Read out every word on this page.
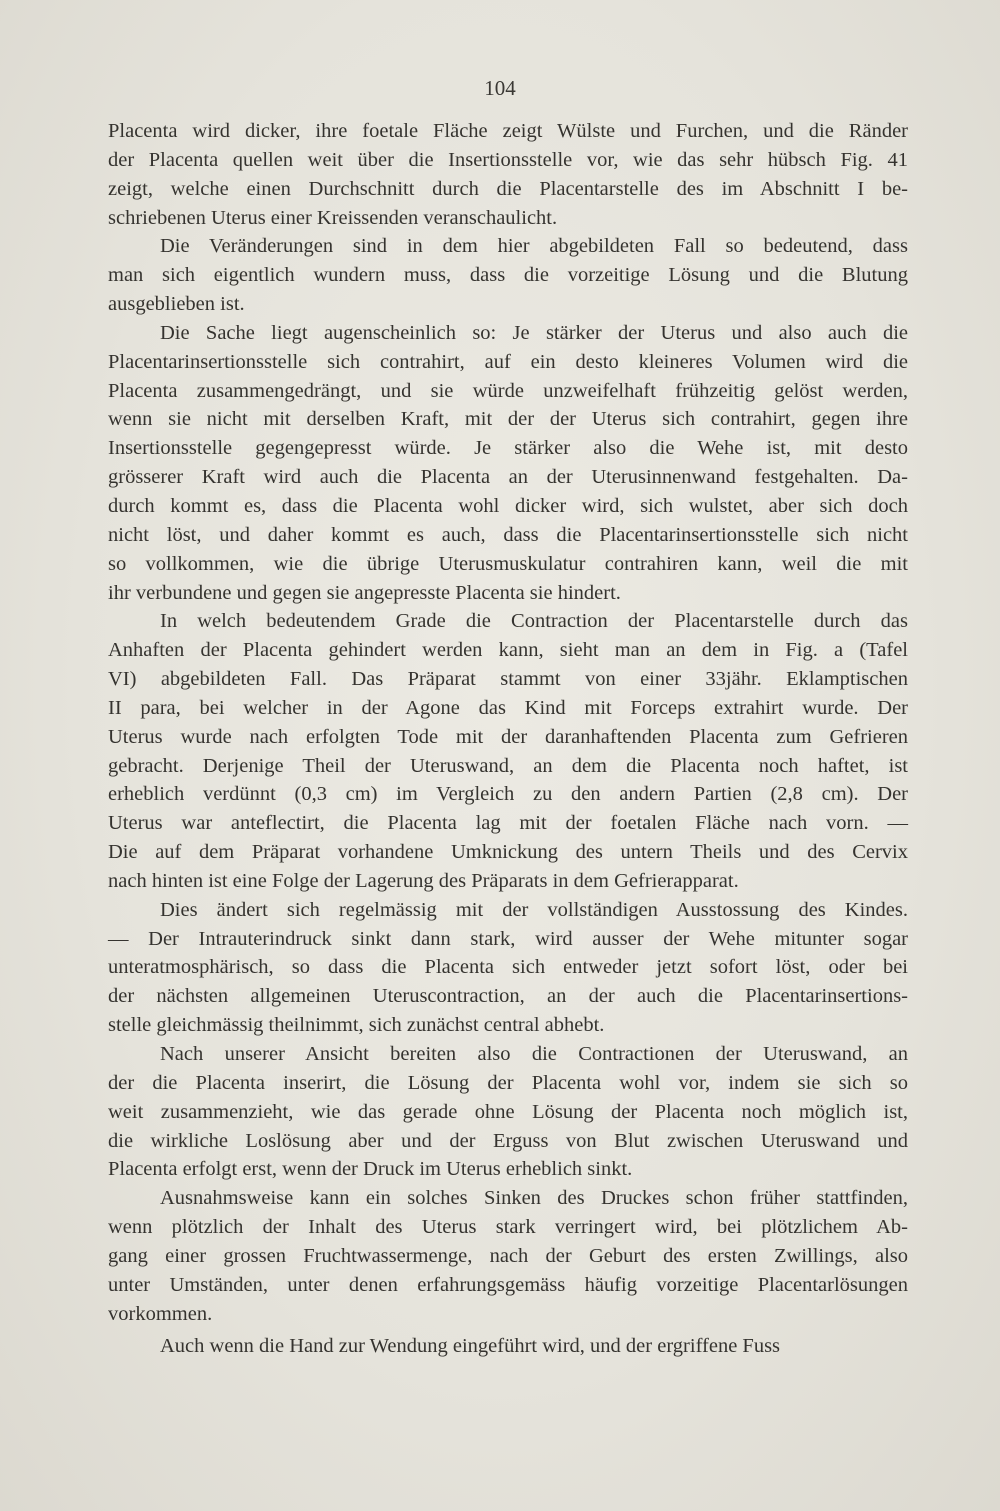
104
Placenta wird dicker, ihre foetale Fläche zeigt Wülste und Furchen, und die Ränder
der Placenta quellen weit über die Insertionsstelle vor, wie das sehr hübsch Fig. 41
zeigt, welche einen Durchschnitt durch die Placentarstelle des im Abschnitt I be-
schriebenen Uterus einer Kreissenden veranschaulicht.
Die Veränderungen sind in dem hier abgebildeten Fall so bedeutend, dass
man sich eigentlich wundern muss, dass die vorzeitige Lösung und die Blutung
ausgeblieben ist.
Die Sache liegt augenscheinlich so: Je stärker der Uterus und also auch die
Placentarinsertionsstelle sich contrahirt, auf ein desto kleineres Volumen wird die
Placenta zusammengedrängt, und sie würde unzweifelhaft frühzeitig gelöst werden,
wenn sie nicht mit derselben Kraft, mit der der Uterus sich contrahirt, gegen ihre
Insertionsstelle gegengepresst würde. Je stärker also die Wehe ist, mit desto
grösserer Kraft wird auch die Placenta an der Uterusinnenwand festgehalten. Da-
durch kommt es, dass die Placenta wohl dicker wird, sich wulstet, aber sich doch
nicht löst, und daher kommt es auch, dass die Placentarinsertionsstelle sich nicht
so vollkommen, wie die übrige Uterusmuskulatur contrahiren kann, weil die mit
ihr verbundene und gegen sie angepresste Placenta sie hindert.
In welch bedeutendem Grade die Contraction der Placentarstelle durch das
Anhaften der Placenta gehindert werden kann, sieht man an dem in Fig. a (Tafel
VI) abgebildeten Fall. Das Präparat stammt von einer 33jähr. Eklamptischen
II para, bei welcher in der Agone das Kind mit Forceps extrahirt wurde. Der
Uterus wurde nach erfolgten Tode mit der daranhaftenden Placenta zum Gefrieren
gebracht. Derjenige Theil der Uteruswand, an dem die Placenta noch haftet, ist
erheblich verdünnt (0,3 cm) im Vergleich zu den andern Partien (2,8 cm). Der
Uterus war anteflectirt, die Placenta lag mit der foetalen Fläche nach vorn. —
Die auf dem Präparat vorhandene Umknickung des untern Theils und des Cervix
nach hinten ist eine Folge der Lagerung des Präparats in dem Gefrierapparat.
Dies ändert sich regelmässig mit der vollständigen Ausstossung des Kindes.
— Der Intrauterindruck sinkt dann stark, wird ausser der Wehe mitunter sogar
unteratmosphärisch, so dass die Placenta sich entweder jetzt sofort löst, oder bei
der nächsten allgemeinen Uteruscontraction, an der auch die Placentarinsertions-
stelle gleichmässig theilnimmt, sich zunächst central abhebt.
Nach unserer Ansicht bereiten also die Contractionen der Uteruswand, an
der die Placenta inserirt, die Lösung der Placenta wohl vor, indem sie sich so
weit zusammenzieht, wie das gerade ohne Lösung der Placenta noch möglich ist,
die wirkliche Loslösung aber und der Erguss von Blut zwischen Uteruswand und
Placenta erfolgt erst, wenn der Druck im Uterus erheblich sinkt.
Ausnahmsweise kann ein solches Sinken des Druckes schon früher stattfinden,
wenn plötzlich der Inhalt des Uterus stark verringert wird, bei plötzlichem Ab-
gang einer grossen Fruchtwassermenge, nach der Geburt des ersten Zwillings, also
unter Umständen, unter denen erfahrungsgemäss häufig vorzeitige Placentarlösungen
vorkommen.
Auch wenn die Hand zur Wendung eingeführt wird, und der ergriffene Fuss
